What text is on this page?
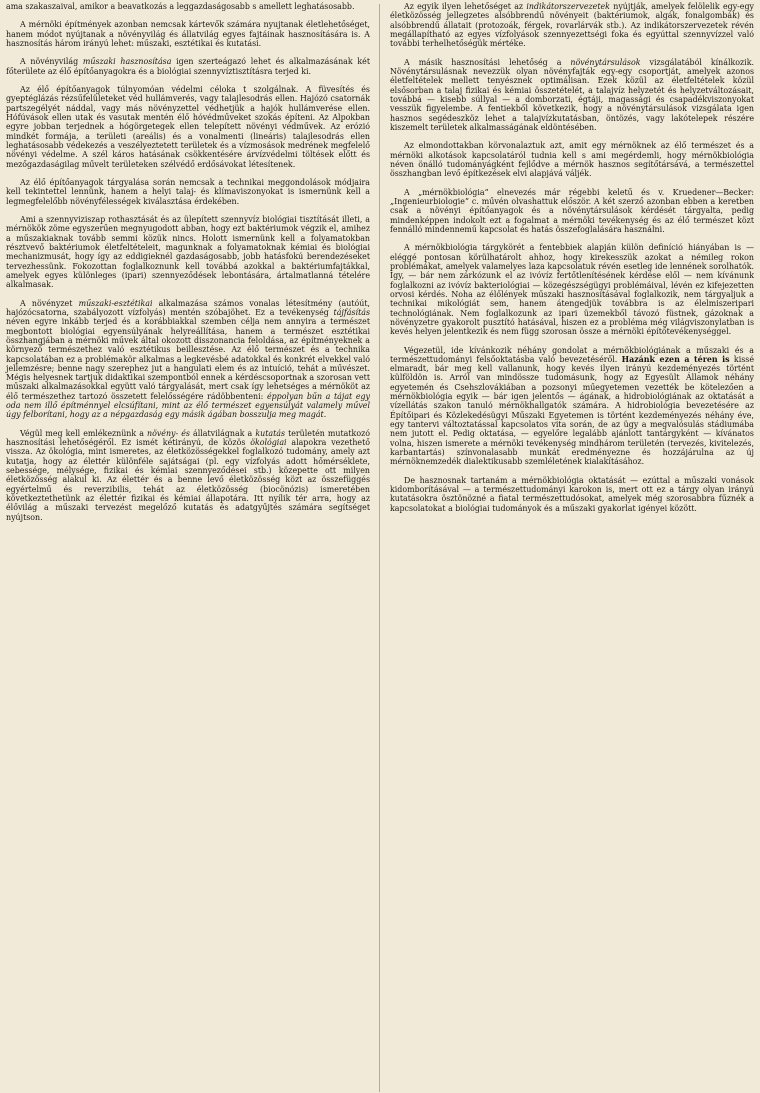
ama szakaszaival, amikor a beavatkozás a leggazdaságosabb s amellett leghatásosabb.

A mérnöki építmények azonban nemcsak kártevők számára nyujtanak életlehetőséget, hanem módot nyújtanak a növényvilág és állatvilág egyes fajtáinak hasznosítására is. A hasznosítás három irányú lehet: műszaki, esztétikai és kutatási.

A növényvilág műszaki hasznosítása igen szerteágazó lehet és alkalmazásának két főterülete az élő építőanyagokra és a biológiai szennyvíztisztításra terjed ki.

Az élő építőanyagok túlnyomóan védelmi céloka t szolgálnak. A füvesítés és gyeptéglázás rézsűfelületeket véd hullámverés, vagy talajlesodrás ellen. Hajózó csatornák partszegélyét náddal, vagy más növényzettel védhetjük a hajók hullámverése ellen. Hófúvások ellen utak és vasutak mentén élő hóvédműveket szokás építeni. Az Alpokban egyre jobban terjednek a hógörgetegek ellen telepített növényi védművek. Az erózió mindkét formája, a területi (areális) és a vonalmenti (lineáris) talajlesodrás ellen leghatásosabb védekezés a veszélyeztetett területek és a vízmosások medrének megfelelő növényi védelme. A szél káros hatásának csökkentésére árvízvédelmi töltések előtt és mezőgazdaságilag művelt területeken szélvédő erdősávokat létesítenek.

Az élő építőanyagok tárgyalása során nemcsak a technikai meggondolások módjaira kell tekintettel lennünk, hanem a helyi talaj- és klímaviszonyokat is ismernünk kell a legmegfelelőbb növényfélességek kiválasztása érdekében.

Ami a szennyviziszap rothasztását és az ülepített szennyvíz biológiai tisztítását illeti, a mérnökök zöme egyszerűen megnyugodott abban, hogy ezt baktériumok végzik el, amihez a műszakiaknak tovább semmi közük nincs. Holott ismernünk kell a folyamatokban résztvevő baktériumok életfeltételeit, magunknak a folyamatoknak kémiai és biológiai mechanizmusát, hogy így az eddigieknél gazdaságosabb, jobb hatásfokú berendezéseket tervezhessünk. Fokozottan foglalkoznunk kell továbbá azokkal a baktériumfajtákkal, amelyek egyes különleges (ipari) szennyeződések lebontására, ártalmatlanná tételére alkalmasak.

A növényzet műszaki-esztétikai alkalmazása számos vonalas létesítmény (autóút, hajózócsatorna, szabályozott vízfolyás) mentén szóbajöhet. Ez a tevékenység tájfásítás néven egyre inkább terjed és a korábbiakkal szemben célja nem annyira a természet megbontott biológiai egyensúlyának helyreállítása, hanem a természet esztétikai összhangjában a mérnöki művek által okozott disszonancia feloldása, az építményeknek a környező természethez való esztétikus beilleszt​ése. Az élő természet és a technika kapcsolatában ez a problémakör alkalmas a legkevésbé adatokkal és konkrét elvekkel való jellemzésre; benne nagy szerephez jut a hangulati elem és az intuíció, tehát a művészet. Mégis helyesnek tartjuk didaktikai szempontból ennek a kérdéscsoportnak a szorosan vett műszaki alkalmazásokkal együtt való tárgyalását, mert csak így lehetséges a mérnököt az élő természethez tartozó összetett felelősségére rádöbbenteni: éppolyan bűn a tájat egy oda nem illő építménnyel elcsúfítani, mint az élő természet egyensúlyát valamely művel úgy felborítani, hogy az a népgazdaság egy másik ágában bosszulja meg magát.

Végül meg kell emlékeznünk a növény- és állatvilágnak a kutatás területén mutatkozó hasznosítási lehetőségéről. Ez ismét kétirányú, de közös ökológiai alapokra vezethető vissza. Az ökológia, mint ismeretes, az életközösségekkel foglalkozó tudomány, amely azt kutatja, hogy az élettér különféle sajátságai (pl. egy vízfolyás adott hőmérséklete, sebessége, mélysége, fizikai és kémiai szennyeződései stb.) közepette ott milyen életközösség alakul ki. Az élettér és a benne levő életközösség közt az összefüggés egyértelmű és reverzibilis, tehát az életközösség (biocönózis) ismeretében következtethetünk az élettér fizikai és kémiai állapotára. Itt nyílik tér arra, hogy az élővilág a műszaki tervezést megelőző kutatás és adatgyűjtés számára segítséget nyújtson.

Az egyik ilyen lehetőséget az indikátorszervezetek nyújtják, amelyek felölelik egy-egy életközösség jellegzetes alsóbbrendű növényeit (baktériumok, algák, fonalgombák) és alsóbbrendű állatait (protozoák, férgek, rovarlárvák stb.). Az indikátorszervezetek révén megállapítható az egyes vízfolyások szennyezettségi foka és egyúttal szennyvízzel való további terhelhetőségük mértéke.

A másik hasznosítási lehetőség a növénytársulások vizsgálatából kínálkozik. Növénytársulásnak nevezzük olyan növényfajták egy-egy csoportját, amelyek azonos életfeltételek mellett tenyésznek optimálisan. Ezek közül az életfeltételek közül elsősorban a talaj fizikai és kémiai összetételét, a talajvíz helyzetét és helyzetváltozásait, továbbá — kisebb súllyal — a domborzati, égtáji, magassági és csapadékviszonyokat vesszük figyelembe. A fentiekből következik, hogy a növénytársulások vizsgálata igen hasznos segédeszköz lehet a talajvízkutatásban, öntözés, vagy lakótelepek részére kiszemelt területek alkalmasságának eldöntésében.

Az elmondottakban körvonalaztuk azt, amit egy mérnöknek az élő természet és a mérnöki alkotások kapcsolatáról tudnia kell s ami megérdemli, hogy mérnökbiológia néven önálló tudományágként fejlődve a mérnök hasznos segítőtársává, a természettel összhangban levő építkezések elvi alapjává váljék.

A „mérnökbiológia” elnevezés már régebbi keletű és v. Kruedener—Becker: „Ingenieurbiologie” c. művén olvashattuk először. A két szerző azonban ebben a keretben csak a növényi építőanyagok és a növénytársulások kérdését tárgyalta, pedig mindenképpen indokolt ezt a fogalmat a mérnöki tevékenység és az élő természet közt fennálló mindennemű kapcsolat és hatás összefoglalására használni.

A mérnökbiológia tárgykörét a fentebbiek alapján külön definíció hiányában is — eléggé pontosan körülhatárolt ahhoz, hogy kirekesszük azokat a némileg rokon problémákat, amelyek valamelyes laza kapcsolatuk révén esetleg ide lennének sorolhatók. Így, — bár nem zárkózunk el az ivóvíz fertőtlenítésének kérdése elől — nem kívánunk foglalkozni az ivóvíz bakteriológiai — közegészségügyi problémáival, lévén ez kifejezetten orvosi kérdés. Noha az élőlények műszaki hasznosításával foglalkozik, nem tárgyaljuk a technikai mikológiát sem, hanem átengedjük továbbra is az élelmiszeripari technológiának. Nem foglalkozunk az ipari üzemekből távozó füstnek, gázoknak a növényzetre gyakorolt pusztító hatásával, hiszen ez a probléma még világviszonylatban is kevés helyen jelentkezik és nem függ szorosan össze a mérnöki építőtevékenységgel.

Végezetül, ide kívánkozik néhány gondolat a mérnökbiológiának a műszaki és a természettudományi felsőoktatásba való bevezetéséről. Hazánk ezen a téren is kissé elmaradt, bár meg kell vallanunk, hogy kevés ilyen irányú kezdeményezés történt külföldön is. Arról van mindössze tudomásunk, hogy az Egyesült Államok néhány egyetemén és Csehszlovákiában a pozsonyi műegyetemen vezették be kötelezően a mérnökbiológia egyik — bár igen jelentős — ágának, a hidrobiológiának az oktatását a vízellátás szakon tanuló mérnökhallgatók számára. A hidrobiológia bevezetésére az Építőipari és Közlekedésügyi Műszaki Egyetemen is történt kezdeményezés néhány éve, egy tantervi változtatással kapcsolatos vita során, de az ügy a megvalósulás stádiumába nem jutott el. Pedig oktatása, — egyelőre legalább ajánlott tantárgyként — kívánatos volna, hiszen ismerete a mérnöki tevékenység mindhárom területén (tervezés, kivitelezés, karbantartás) színvonalasabb munkát eredményezne és hozzájárulna az új mérnöknemzedék dialektikusabb szemléletének kialakításához.

De hasznosnak tartanám a mérnökbiológia oktatását — ezúttal a műszaki vonások kidomborításával — a természettudományi karokon is, mert ott ez a tárgy olyan irányú kutatásokra ösztönözné a fiatal természettudósokat, amelyek még szorosabbra fűznék a kapcsolatokat a biológiai tudományok és a műszaki gyakorlat igényei között.
